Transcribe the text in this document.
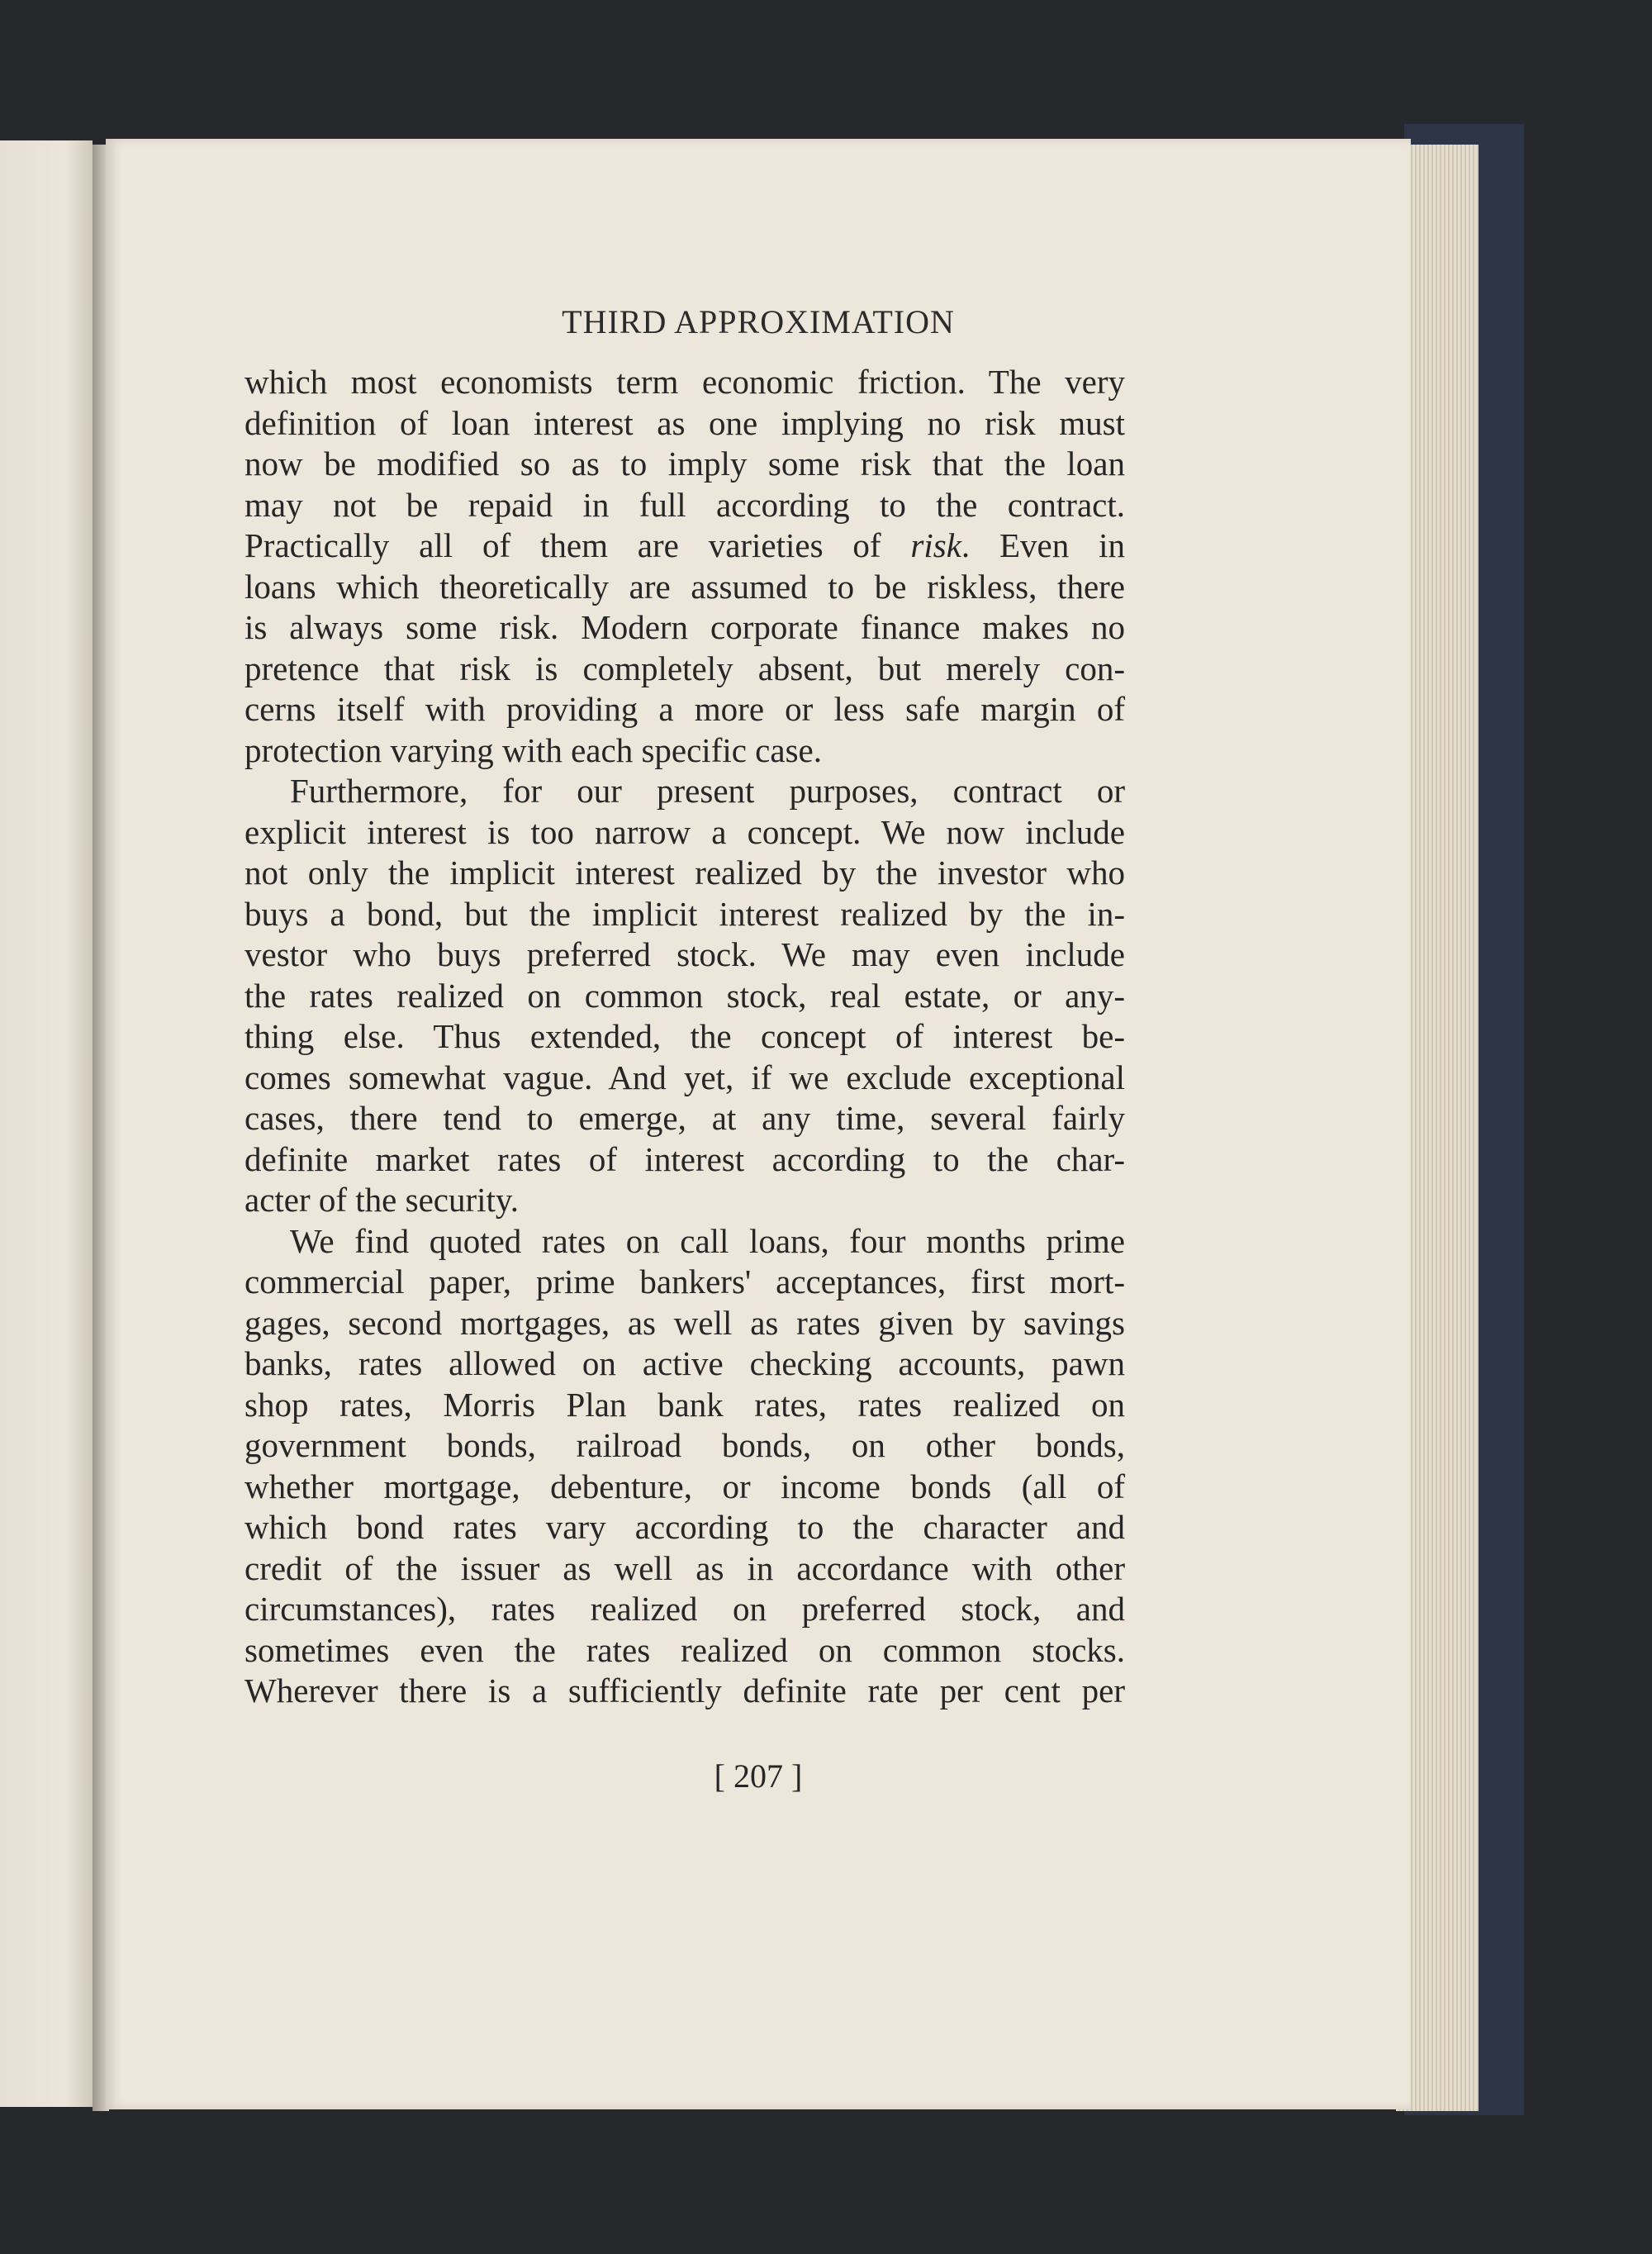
THIRD APPROXIMATION
which most economists term economic friction. The very
definition of loan interest as one implying no risk must
now be modified so as to imply some risk that the loan
may not be repaid in full according to the contract.
Practically all of them are varieties of risk. Even in
loans which theoretically are assumed to be riskless, there
is always some risk. Modern corporate finance makes no
pretence that risk is completely absent, but merely con-
cerns itself with providing a more or less safe margin of
protection varying with each specific case.
Furthermore, for our present purposes, contract or
explicit interest is too narrow a concept. We now include
not only the implicit interest realized by the investor who
buys a bond, but the implicit interest realized by the in-
vestor who buys preferred stock. We may even include
the rates realized on common stock, real estate, or any-
thing else. Thus extended, the concept of interest be-
comes somewhat vague. And yet, if we exclude exceptional
cases, there tend to emerge, at any time, several fairly
definite market rates of interest according to the char-
acter of the security.
We find quoted rates on call loans, four months prime
commercial paper, prime bankers' acceptances, first mort-
gages, second mortgages, as well as rates given by savings
banks, rates allowed on active checking accounts, pawn
shop rates, Morris Plan bank rates, rates realized on
government bonds, railroad bonds, on other bonds,
whether mortgage, debenture, or income bonds (all of
which bond rates vary according to the character and
credit of the issuer as well as in accordance with other
circumstances), rates realized on preferred stock, and
sometimes even the rates realized on common stocks.
Wherever there is a sufficiently definite rate per cent per
[ 207 ]
